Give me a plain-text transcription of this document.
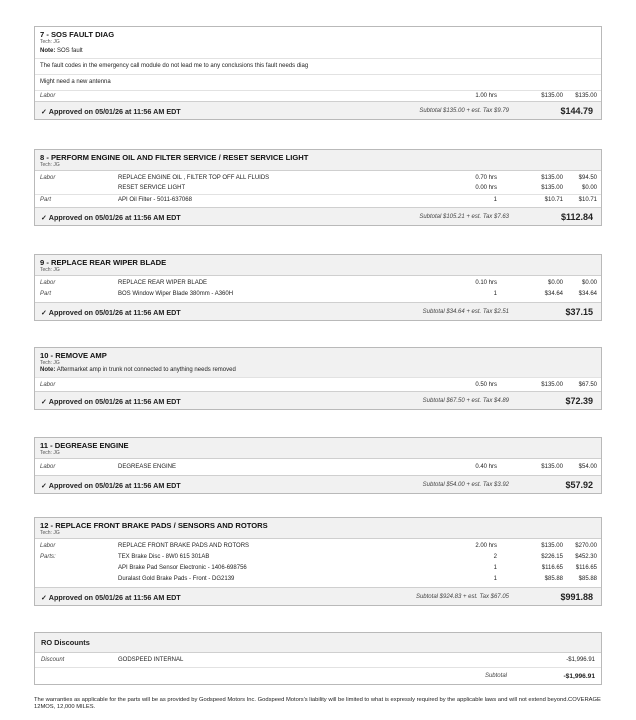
7 - SOS FAULT DIAG
Tech: JG
Note: SOS fault
The fault codes in the emergency call module do not lead me to any conclusions this fault needs diag
Might need a new antenna
Labor	1.00 hrs	$135.00 $135.00
✓ Approved on 05/01/26 at 11:56 AM EDT	Subtotal $135.00 + est. Tax $9.79	$144.79
8 - PERFORM ENGINE OIL AND FILTER SERVICE / RESET SERVICE LIGHT
Tech: JG
Labor	REPLACE ENGINE OIL , FILTER TOP OFF ALL FLUIDS	0.70 hrs	$135.00	$94.50
RESET SERVICE LIGHT	0.00 hrs	$135.00	$0.00
Part	API Oil Filter - 5011-637068	1	$10.71	$10.71
✓ Approved on 05/01/26 at 11:56 AM EDT	Subtotal $105.21 + est. Tax $7.63	$112.84
9 - REPLACE REAR WIPER BLADE
Tech: JG
Labor	REPLACE REAR WIPER BLADE	0.10 hrs	$0.00	$0.00
Part	BOS Window Wiper Blade 380mm - A360H	1	$34.64	$34.64
✓ Approved on 05/01/26 at 11:56 AM EDT	Subtotal $34.64 + est. Tax $2.51	$37.15
10 - REMOVE AMP
Tech: JG
Note: Aftermarket amp in trunk not connected to anything needs removed
Labor	0.50 hrs	$135.00	$67.50
✓ Approved on 05/01/26 at 11:56 AM EDT	Subtotal $67.50 + est. Tax $4.89	$72.39
11 - DEGREASE ENGINE
Tech: JG
Labor	DEGREASE ENGINE	0.40 hrs	$135.00	$54.00
✓ Approved on 05/01/26 at 11:56 AM EDT	Subtotal $54.00 + est. Tax $3.92	$57.92
12 - REPLACE FRONT BRAKE PADS / SENSORS AND ROTORS
Tech: JG
Labor	REPLACE FRONT BRAKE PADS AND ROTORS	2.00 hrs	$135.00 $270.00
Parts:	TEX Brake Disc - 8W0 615 301AB	2	$226.15 $452.30
API Brake Pad Sensor Electronic - 1406-698756	1	$116.65 $116.65
Duralast Gold Brake Pads - Front - DG2139	1	$85.88	$85.88
✓ Approved on 05/01/26 at 11:56 AM EDT	Subtotal $924.83 + est. Tax $67.05	$991.88
RO Discounts
Discount	GODSPEED INTERNAL	-$1,996.91
Subtotal	-$1,996.91
The warranties as applicable for the parts will be as provided by Godspeed Motors Inc. Godspeed Motors's liability will be limited to what is expressly required by the applicable laws and will not extend beyond.COVERAGE 12MOS, 12,000 MILES.
